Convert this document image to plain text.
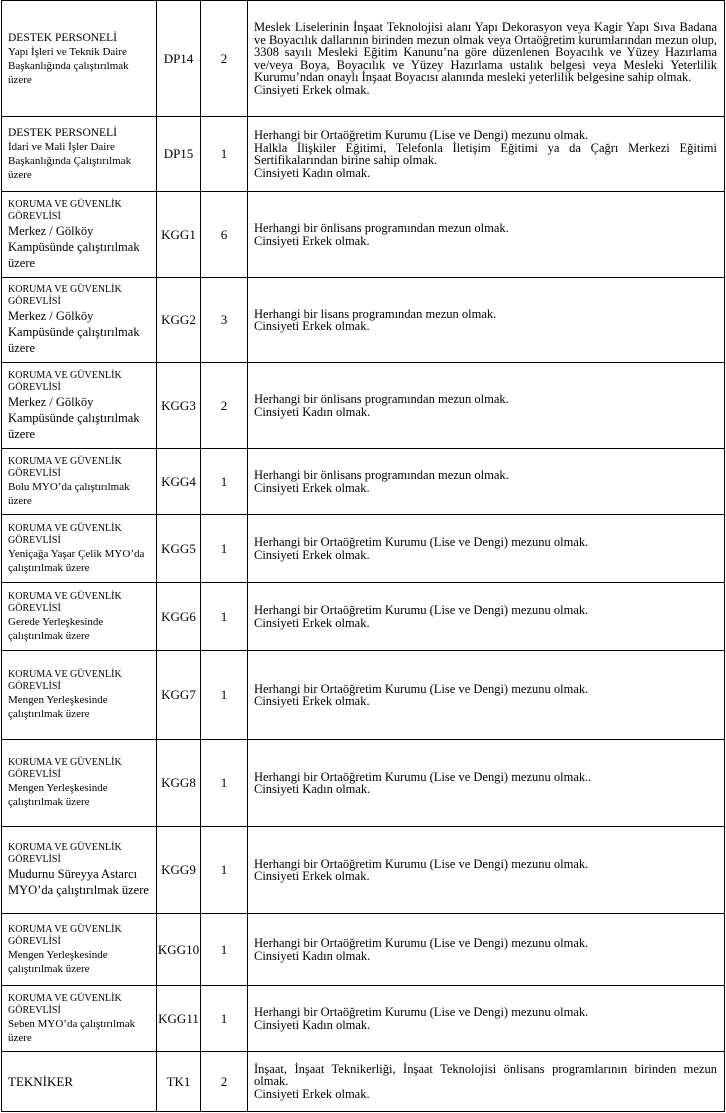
DESTEK PERSONELİ
Yapı İşleri ve Teknik Daire Başkanlığında çalıştırılmak üzere	DP14	2	Meslek Liselerinin İnşaat Teknolojisi alanı Yapı Dekorasyon veya Kagir Yapı Sıva Badana ve Boyacılık dallarının birinden mezun olmak veya Ortaöğretim kurumlarından mezun olup, 3308 sayılı Mesleki Eğitim Kanunu’na göre düzenlenen Boyacılık ve Yüzey Hazırlama ve/veya Boya, Boyacılık ve Yüzey Hazırlama ustalık belgesi veya Mesleki Yeterlilik Kurumu’ndan onaylı İnşaat Boyacısı alanında mesleki yeterlilik belgesine sahip olmak.
Cinsiyeti Erkek olmak.

DESTEK PERSONELİ
İdari ve Mali İşler Daire Başkanlığında Çalıştırılmak üzere	DP15	1	Herhangi bir Ortaöğretim Kurumu (Lise ve Dengi) mezunu olmak.
Halkla İlişkiler Eğitimi, Telefonla İletişim Eğitimi ya da Çağrı Merkezi Eğitimi Sertifikalarından birine sahip olmak.
Cinsiyeti Kadın olmak.

KORUMA VE GÜVENLİK GÖREVLİSİ
Merkez / Gölköy Kampüsünde çalıştırılmak üzere	KGG1	6	Herhangi bir önlisans programından mezun olmak.
Cinsiyeti Erkek olmak.

KORUMA VE GÜVENLİK GÖREVLİSİ
Merkez / Gölköy Kampüsünde çalıştırılmak üzere	KGG2	3	Herhangi bir lisans programından mezun olmak.
Cinsiyeti Erkek olmak.

KORUMA VE GÜVENLİK GÖREVLİSİ
Merkez / Gölköy Kampüsünde çalıştırılmak üzere	KGG3	2	Herhangi bir önlisans programından mezun olmak.
Cinsiyeti Kadın olmak.

KORUMA VE GÜVENLİK GÖREVLİSİ
Bolu MYO’da çalıştırılmak üzere	KGG4	1	Herhangi bir önlisans programından mezun olmak.
Cinsiyeti Erkek olmak.

KORUMA VE GÜVENLİK GÖREVLİSİ
Yeniçağa Yaşar Çelik MYO’da çalıştırılmak üzere	KGG5	1	Herhangi bir Ortaöğretim Kurumu (Lise ve Dengi) mezunu olmak.
Cinsiyeti Erkek olmak.

KORUMA VE GÜVENLİK GÖREVLİSİ
Gerede Yerleşkesinde çalıştırılmak üzere	KGG6	1	Herhangi bir Ortaöğretim Kurumu (Lise ve Dengi) mezunu olmak.
Cinsiyeti Erkek olmak.

KORUMA VE GÜVENLİK GÖREVLİSİ
Mengen Yerleşkesinde çalıştırılmak üzere	KGG7	1	Herhangi bir Ortaöğretim Kurumu (Lise ve Dengi) mezunu olmak.
Cinsiyeti Erkek olmak.

KORUMA VE GÜVENLİK GÖREVLİSİ
Mengen Yerleşkesinde çalıştırılmak üzere	KGG8	1	Herhangi bir Ortaöğretim Kurumu (Lise ve Dengi) mezunu olmak..
Cinsiyeti Kadın olmak.

KORUMA VE GÜVENLİK GÖREVLİSİ
Mudurnu Süreyya Astarcı MYO’da çalıştırılmak üzere	KGG9	1	Herhangi bir Ortaöğretim Kurumu (Lise ve Dengi) mezunu olmak.
Cinsiyeti Erkek olmak.

KORUMA VE GÜVENLİK GÖREVLİSİ
Mengen Yerleşkesinde çalıştırılmak üzere	KGG10	1	Herhangi bir Ortaöğretim Kurumu (Lise ve Dengi) mezunu olmak.
Cinsiyeti Kadın olmak.

KORUMA VE GÜVENLİK GÖREVLİSİ
Seben MYO’da çalıştırılmak üzere	KGG11	1	Herhangi bir Ortaöğretim Kurumu (Lise ve Dengi) mezunu olmak.
Cinsiyeti Kadın olmak.

TEKNİKER	TK1	2	İnşaat, İnşaat Teknikerliği, İnşaat Teknolojisi önlisans programlarının birinden mezun olmak.
Cinsiyeti Erkek olmak.
